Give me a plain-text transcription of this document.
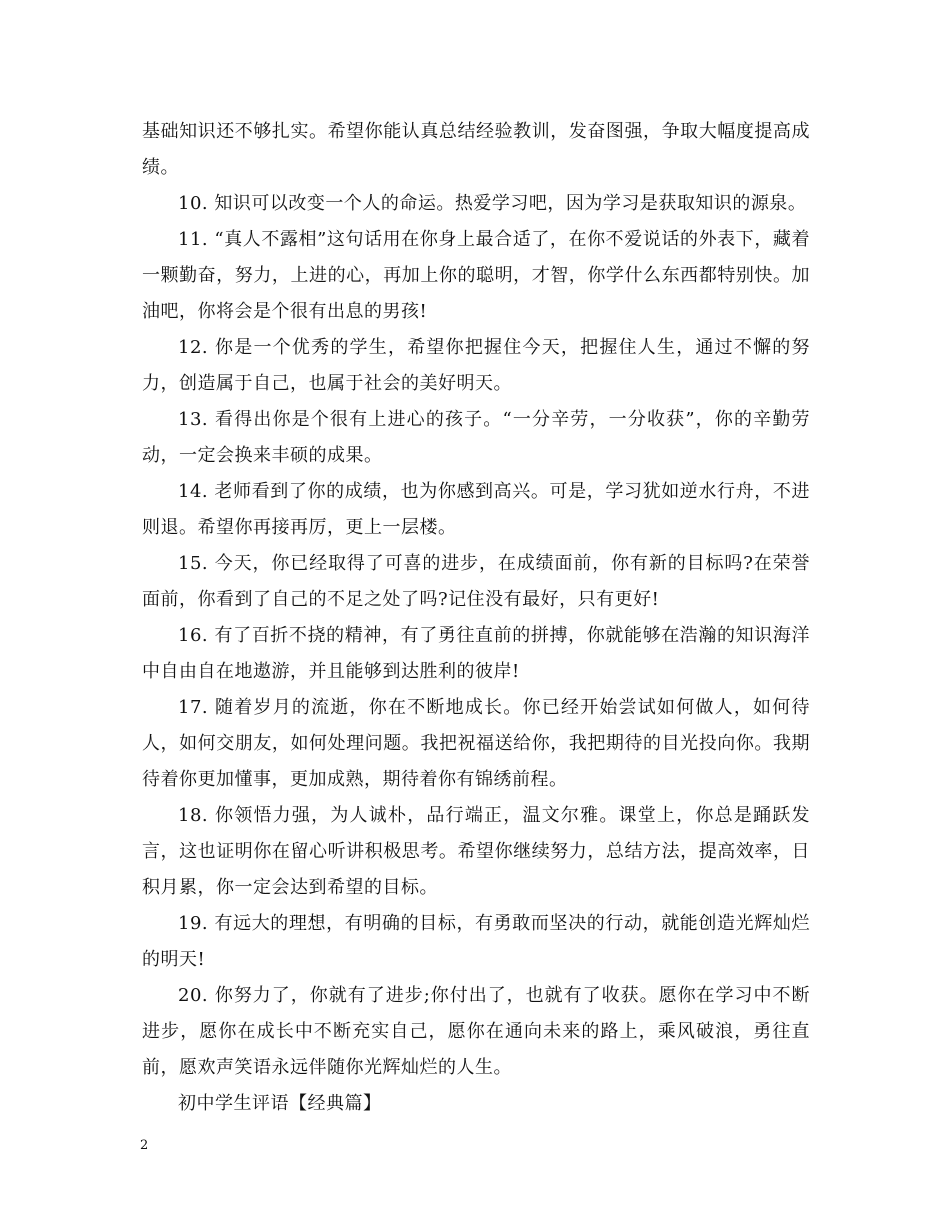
基础知识还不够扎实。希望你能认真总结经验教训，发奋图强，争取大幅度提高成绩。

10. 知识可以改变一个人的命运。热爱学习吧，因为学习是获取知识的源泉。

11. “真人不露相”这句话用在你身上最合适了，在你不爱说话的外表下，藏着一颗勤奋，努力，上进的心，再加上你的聪明，才智，你学什么东西都特别快。加油吧，你将会是个很有出息的男孩!

12. 你是一个优秀的学生，希望你把握住今天，把握住人生，通过不懈的努力，创造属于自己，也属于社会的美好明天。

13. 看得出你是个很有上进心的孩子。“一分辛劳，一分收获”，你的辛勤劳动，一定会换来丰硕的成果。

14. 老师看到了你的成绩，也为你感到高兴。可是，学习犹如逆水行舟，不进则退。希望你再接再厉，更上一层楼。

15. 今天，你已经取得了可喜的进步，在成绩面前，你有新的目标吗?在荣誉面前，你看到了自己的不足之处了吗?记住没有最好，只有更好!

16. 有了百折不挠的精神，有了勇往直前的拼搏，你就能够在浩瀚的知识海洋中自由自在地遨游，并且能够到达胜利的彼岸!

17. 随着岁月的流逝，你在不断地成长。你已经开始尝试如何做人，如何待人，如何交朋友，如何处理问题。我把祝福送给你，我把期待的目光投向你。我期待着你更加懂事，更加成熟，期待着你有锦绣前程。

18. 你领悟力强，为人诚朴，品行端正，温文尔雅。课堂上，你总是踊跃发言，这也证明你在留心听讲积极思考。希望你继续努力，总结方法，提高效率，日积月累，你一定会达到希望的目标。

19. 有远大的理想，有明确的目标，有勇敢而坚决的行动，就能创造光辉灿烂的明天!

20. 你努力了，你就有了进步;你付出了，也就有了收获。愿你在学习中不断进步，愿你在成长中不断充实自己，愿你在通向未来的路上，乘风破浪，勇往直前，愿欢声笑语永远伴随你光辉灿烂的人生。

初中学生评语【经典篇】

2
